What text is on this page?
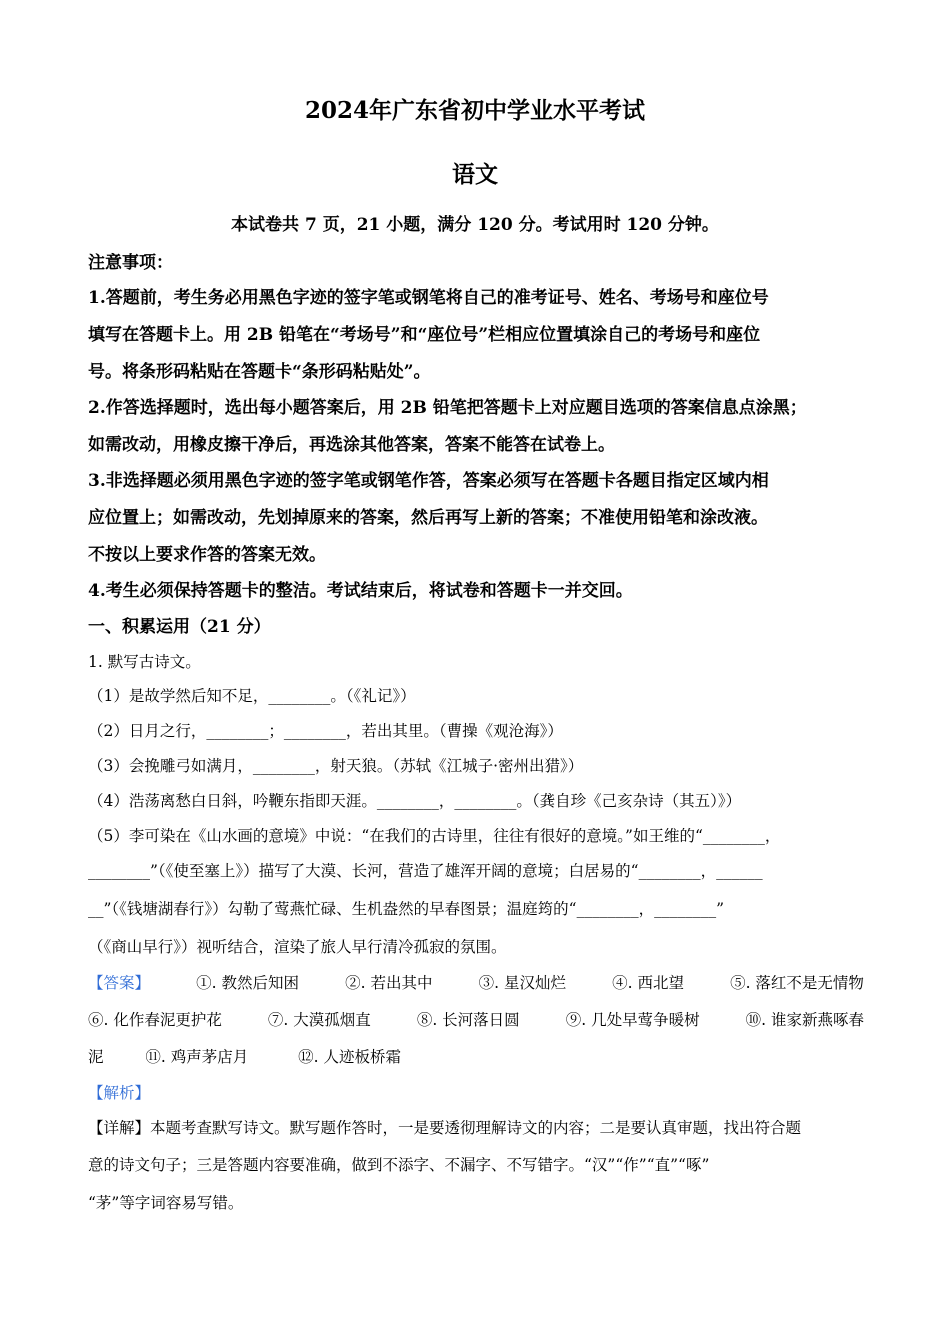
2024年广东省初中学业水平考试
语文
本试卷共 7 页，21 小题，满分 120 分。考试用时 120 分钟。
注意事项：
1.答题前，考生务必用黑色字迹的签字笔或钢笔将自己的准考证号、姓名、考场号和座位号
填写在答题卡上。用 2B 铅笔在“考场号”和“座位号”栏相应位置填涂自己的考场号和座位
号。将条形码粘贴在答题卡“条形码粘贴处”。
2.作答选择题时，选出每小题答案后，用 2B 铅笔把答题卡上对应题目选项的答案信息点涂黑；
如需改动，用橡皮擦干净后，再选涂其他答案，答案不能答在试卷上。
3.非选择题必须用黑色字迹的签字笔或钢笔作答，答案必须写在答题卡各题目指定区域内相
应位置上；如需改动，先划掉原来的答案，然后再写上新的答案；不准使用铅笔和涂改液。
不按以上要求作答的答案无效。
4.考生必须保持答题卡的整洁。考试结束后，将试卷和答题卡一并交回。
一、积累运用（21 分）
1. 默写古诗文。
（1）是故学然后知不足，________。（《礼记》）
（2）日月之行，________；________，若出其里。（曹操《观沧海》）
（3）会挽雕弓如满月，________，射天狼。（苏轼《江城子·密州出猎》）
（4）浩荡离愁白日斜，吟鞭东指即天涯。________，________。（龚自珍《己亥杂诗（其五）》）
（5）李可染在《山水画的意境》中说：“在我们的古诗里，往往有很好的意境。”如王维的“________，
________”（《使至塞上》）描写了大漠、长河，营造了雄浑开阔的意境；白居易的“________，______
__”（《钱塘湖春行》）勾勒了莺燕忙碌、生机盎然的早春图景；温庭筠的“________，________”
（《商山早行》）视听结合，渲染了旅人早行清冷孤寂的氛围。
【答案】	①. 教然后知困	②. 若出其中	③. 星汉灿烂	④. 西北望	⑤. 落红不是无情物
⑥. 化作春泥更护花	⑦. 大漠孤烟直	⑧. 长河落日圆	⑨. 几处早莺争暖树	⑩. 谁家新燕啄春
泥	⑪. 鸡声茅店月	⑫. 人迹板桥霜
【解析】
【详解】本题考查默写诗文。默写题作答时，一是要透彻理解诗文的内容；二是要认真审题，找出符合题
意的诗文句子；三是答题内容要准确，做到不添字、不漏字、不写错字。“汉”“作”“直”“啄”
“茅”等字词容易写错。
